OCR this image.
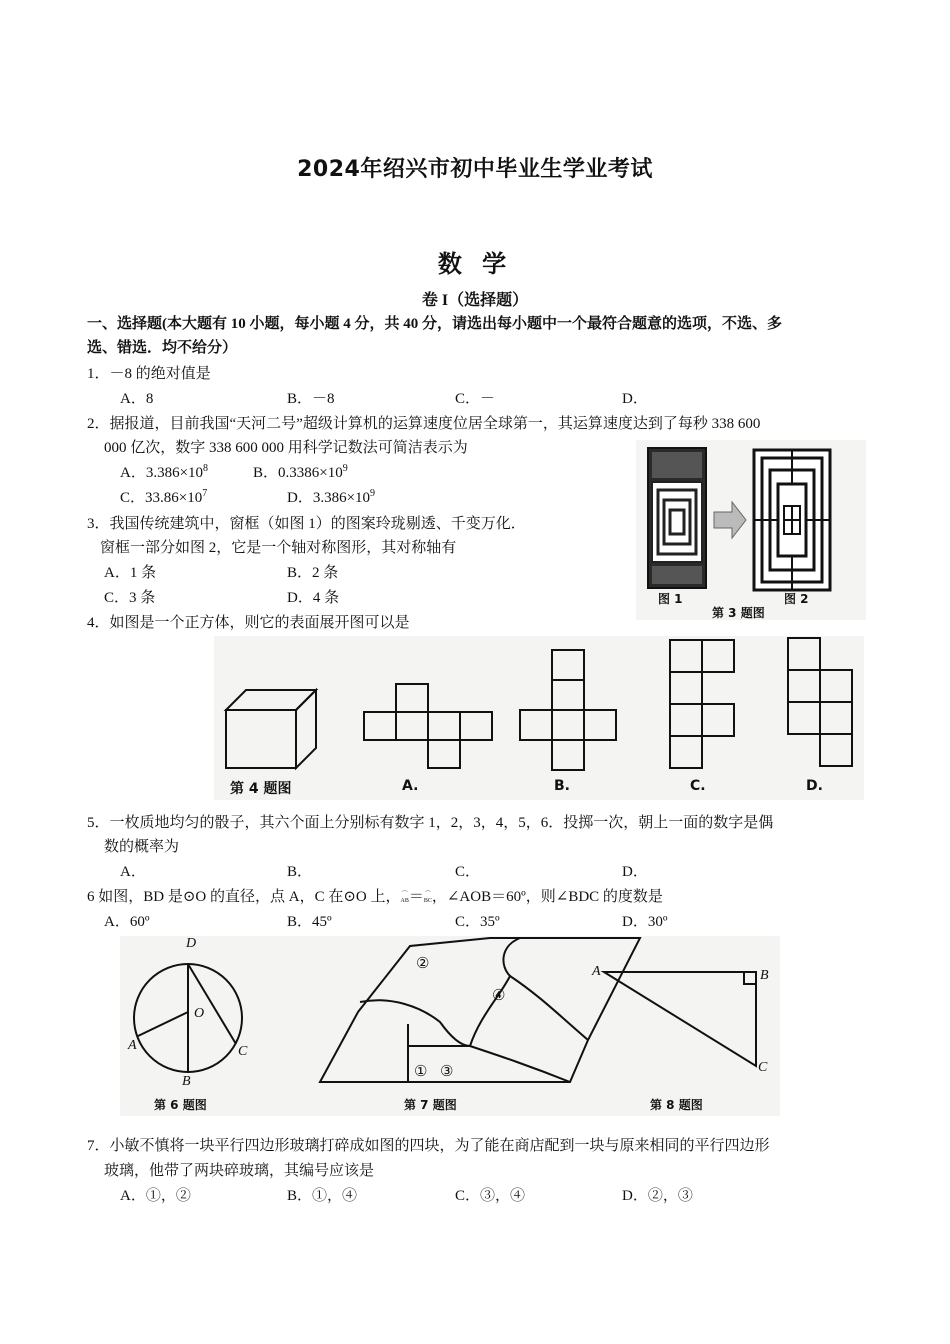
2024年绍兴市初中毕业生学业考试
数 学
卷 I（选择题）
一、选择题(本大题有 10 小题，每小题 4 分，共 40 分，请选出每小题中一个最符合题意的选项，不选、多
选、错选．均不给分）
1．－8 的绝对值是
A．8	B．－8	C．－	D．
2．据报道，目前我国“天河二号”超级计算机的运算速度位居全球第一，其运算速度达到了每秒 338 600
000 亿次，数字 338 600 000 用科学记数法可简洁表示为
A．$3.386\times 10^8$	B．$0.3386\times 10^9$
C．$33.86\times 10^7$	D．$3.386\times 10^9$
3．我国传统建筑中，窗框（如图 1）的图案玲珑剔透、千变万化．
窗框一部分如图 2，它是一个轴对称图形，其对称轴有
A．1 条	B．2 条
C．3 条	D．4 条	图 1	图 2
第 3 题图
4．如图是一个正方体，则它的表面展开图可以是
第 4 题图	A.	B.	C.	D.
5．一枚质地均匀的骰子，其六个面上分别标有数字 1，2，3，4，5，6．投掷一次，朝上一面的数字是偶
数的概率为
A．	B．	C．	D．
6 如图，BD 是⊙O 的直径，点 A，C 在⊙O 上，⌒
AB＝⌒
BC，∠AOB＝60º，则∠BDC 的度数是
A．60º	B．45º	C．35º	D．30º
D
O
A	C
B
第 6 题图
①
②
③
④
第 7 题图
A	B
C
第 8 题图
7．小敏不慎将一块平行四边形玻璃打碎成如图的四块，为了能在商店配到一块与原来相同的平行四边形
玻璃，他带了两块碎玻璃，其编号应该是
A．①，②	B．①，④	C．③，④	D．②，③
